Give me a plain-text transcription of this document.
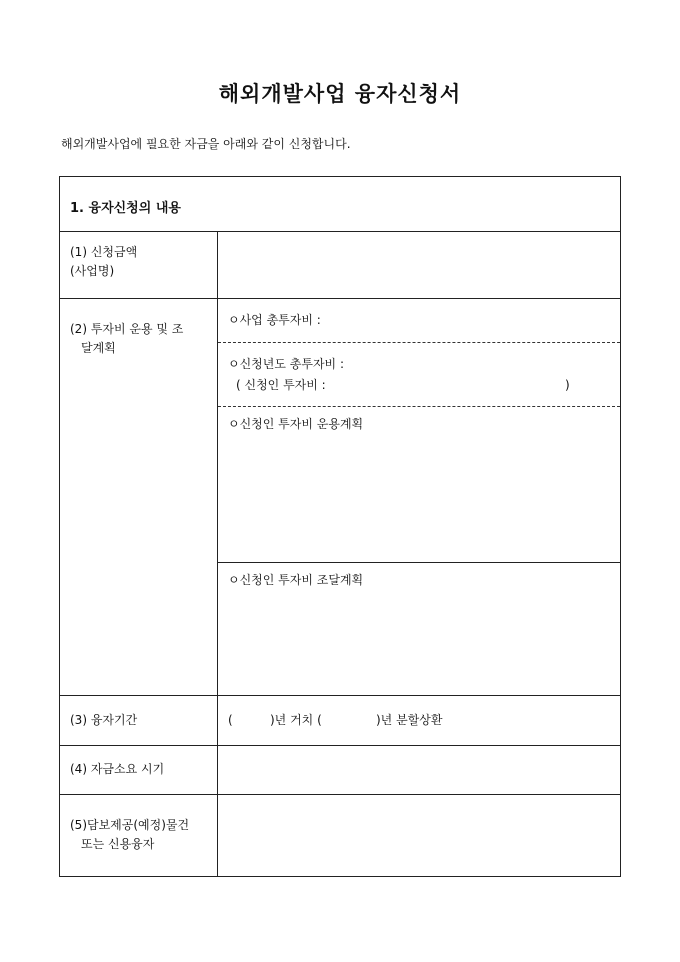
해외개발사업 융자신청서
해외개발사업에 필요한 자금을 아래와 같이 신청합니다.
1. 융자신청의 내용
(1) 신청금액
(사업명)
(2) 투자비 운용 및 조
달계획
ㅇ사업 총투자비 :
ㅇ신청년도 총투자비 :
( 신청인 투자비 :	)
ㅇ신청인 투자비 운용계획
ㅇ신청인 투자비 조달계획
(3) 융자기간	(	)년 거치 (	)년 분할상환
(4) 자금소요 시기
(5)담보제공(예정)물건
또는 신용융자
